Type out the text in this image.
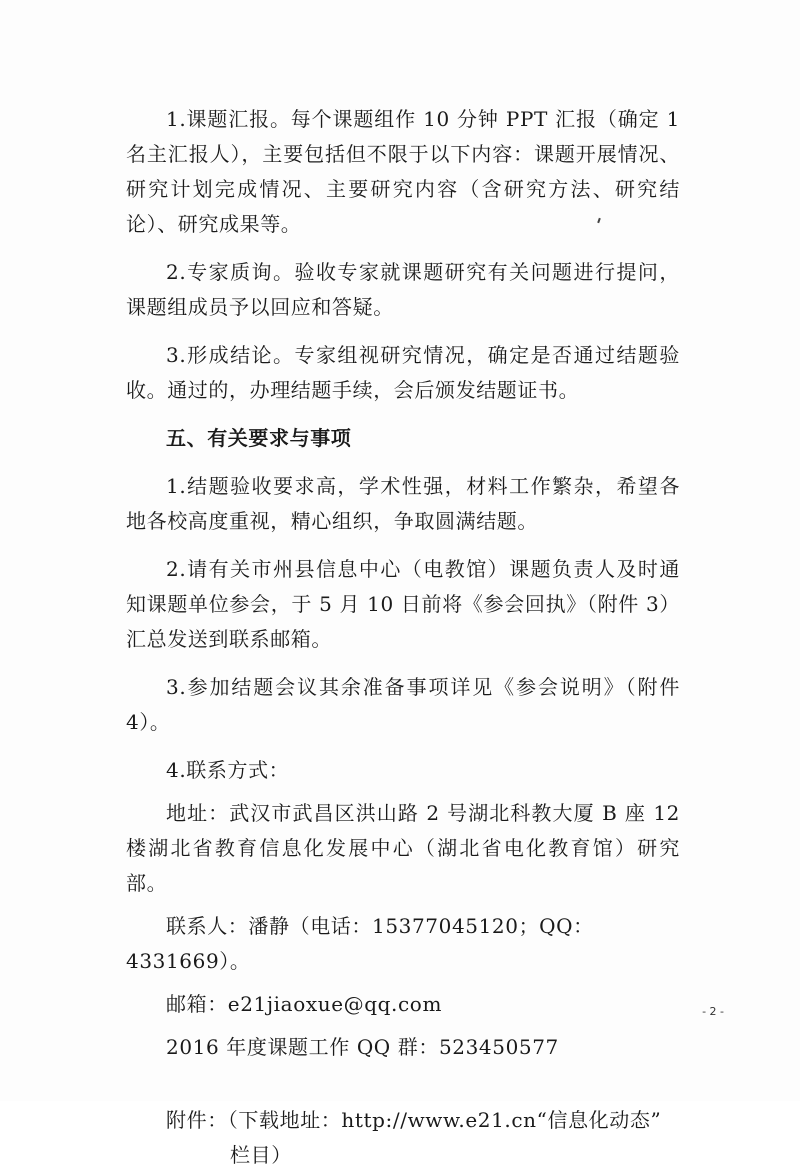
1.课题汇报。每个课题组作 10 分钟 PPT 汇报（确定 1 名主汇报人），主要包括但不限于以下内容：课题开展情况、研究计划完成情况、主要研究内容（含研究方法、研究结论）、研究成果等。

2.专家质询。验收专家就课题研究有关问题进行提问，课题组成员予以回应和答疑。

3.形成结论。专家组视研究情况，确定是否通过结题验收。通过的，办理结题手续，会后颁发结题证书。

五、有关要求与事项

1.结题验收要求高，学术性强，材料工作繁杂，希望各地各校高度重视，精心组织，争取圆满结题。

2.请有关市州县信息中心（电教馆）课题负责人及时通知课题单位参会，于 5 月 10 日前将《参会回执》（附件 3）汇总发送到联系邮箱。

3.参加结题会议其余准备事项详见《参会说明》（附件 4）。

4.联系方式：

地址：武汉市武昌区洪山路 2 号湖北科教大厦 B 座 12 楼湖北省教育信息化发展中心（湖北省电化教育馆）研究部。

联系人：潘静（电话：15377045120；QQ：4331669）。

邮箱：e21jiaoxue@qq.com

2016 年度课题工作 QQ 群：523450577

附件：（下载地址：http://www.e21.cn“信息化动态”

栏目）

- 2 -
